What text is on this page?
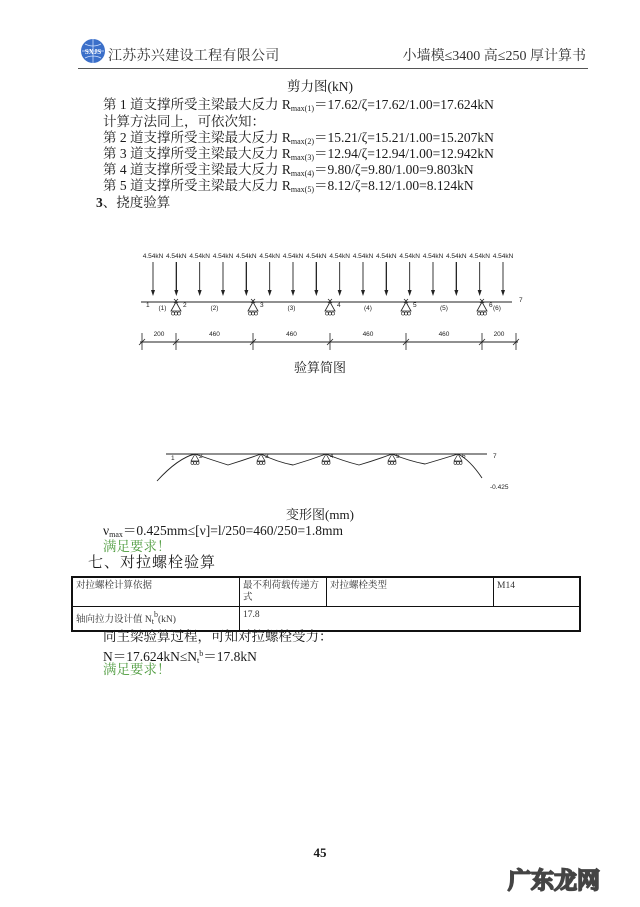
SXJS 江苏苏兴建设工程有限公司	小墙模≤3400 高≤250 厚计算书
剪力图(kN)
第 1 道支撑所受主梁最大反力 $R_{max(1)}=17.62/\zeta=17.62/1.00=17.624kN$
计算方法同上，可依次知：
第 2 道支撑所受主梁最大反力 $R_{max(2)}=15.21/\zeta=15.21/1.00=15.207kN$
第 3 道支撑所受主梁最大反力 $R_{max(3)}=12.94/\zeta=12.94/1.00=12.942kN$
第 4 道支撑所受主梁最大反力 $R_{max(4)}=9.80/\zeta=9.80/1.00=9.803kN$
第 5 道支撑所受主梁最大反力 $R_{max(5)}=8.12/\zeta=8.12/1.00=8.124kN$
3、挠度验算
4.54kN 4.54kN 4.54kN 4.54kN 4.54kN 4.54kN 4.54kN 4.54kN 4.54kN 4.54kN 4.54kN 4.54kN 4.54kN 4.54kN 4.54kN 4.54kN
1	2	3	4	5	6
7
(1)	(2)	(3)	(4)	(5)	(6)
200	460	460	460	460	200
1	2	3	4	5	6	7
-0.425
验算简图
变形图(mm)
$\nu_{max}=0.425mm\le[\nu]=l/250=460/250=1.8mm$
满足要求！
七、对拉螺栓验算
对拉螺栓计算依据	最不利荷载传递方式	对拉螺栓类型	M14
轴向拉力设计值 $N_t^b(kN)$	17.8		
同主梁验算过程，可知对拉螺栓受力：
$N=17.624kN\le N_t^b=17.8kN$
满足要求！
45
广东龙网
